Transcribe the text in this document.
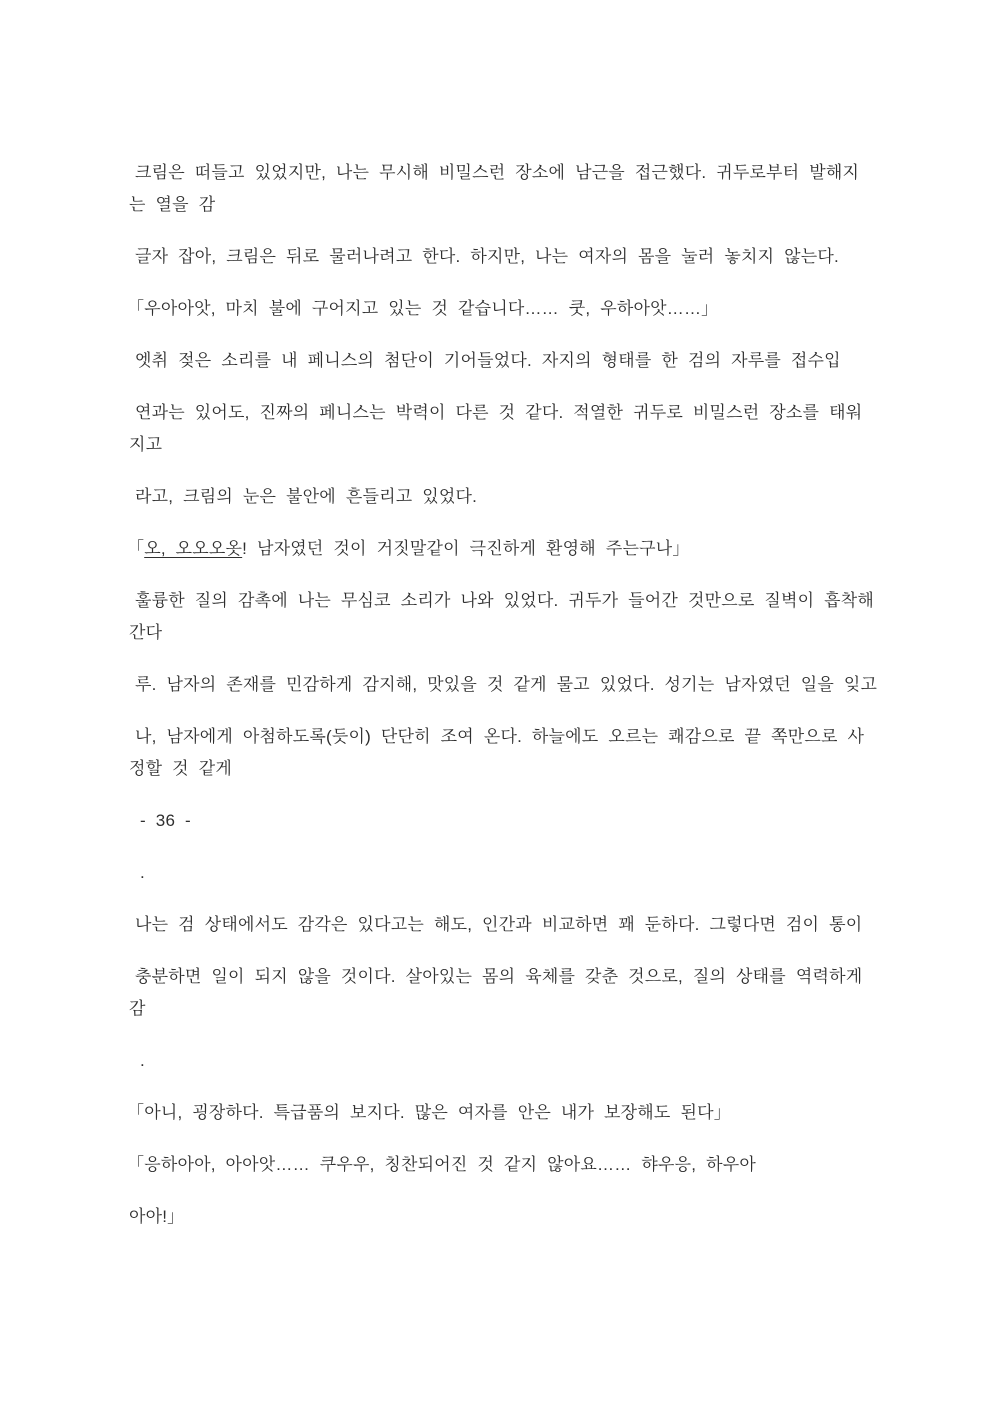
크림은 떠들고 있었지만, 나는 무시해 비밀스런 장소에 남근을 접근했다. 귀두로부터 발해지
는 열을 감

글자 잡아, 크림은 뒤로 물러나려고 한다. 하지만, 나는 여자의 몸을 눌러 놓치지 않는다.

「우아아앗, 마치 불에 구어지고 있는 것 같습니다…… 쿳, 우하아앗……」

엣취 젖은 소리를 내 페니스의 첨단이 기어들었다. 자지의 형태를 한 검의 자루를 접수입

연과는 있어도, 진짜의 페니스는 박력이 다른 것 같다. 적열한 귀두로 비밀스런 장소를 태워
지고

라고, 크림의 눈은 불안에 흔들리고 있었다.

「오, 오오오옷! 남자였던 것이 거짓말같이 극진하게 환영해 주는구나」

훌륭한 질의 감촉에 나는 무심코 소리가 나와 있었다. 귀두가 들어간 것만으로 질벽이 흡착해
간다

루. 남자의 존재를 민감하게 감지해, 맛있을 것 같게 물고 있었다. 성기는 남자였던 일을 잊고

나, 남자에게 아첨하도록(듯이) 단단히 조여 온다. 하늘에도 오르는 쾌감으로 끝 쪽만으로 사
정할 것 같게

- 36 -

.

나는 검 상태에서도 감각은 있다고는 해도, 인간과 비교하면 꽤 둔하다. 그렇다면 검이 통이

충분하면 일이 되지 않을 것이다. 살아있는 몸의 육체를 갖춘 것으로, 질의 상태를 역력하게
감

.

「아니, 굉장하다. 특급품의 보지다. 많은 여자를 안은 내가 보장해도 된다」

「응하아아, 아아앗…… 쿠우우, 칭찬되어진 것 같지 않아요…… 햐우응, 하우아

아아!」
